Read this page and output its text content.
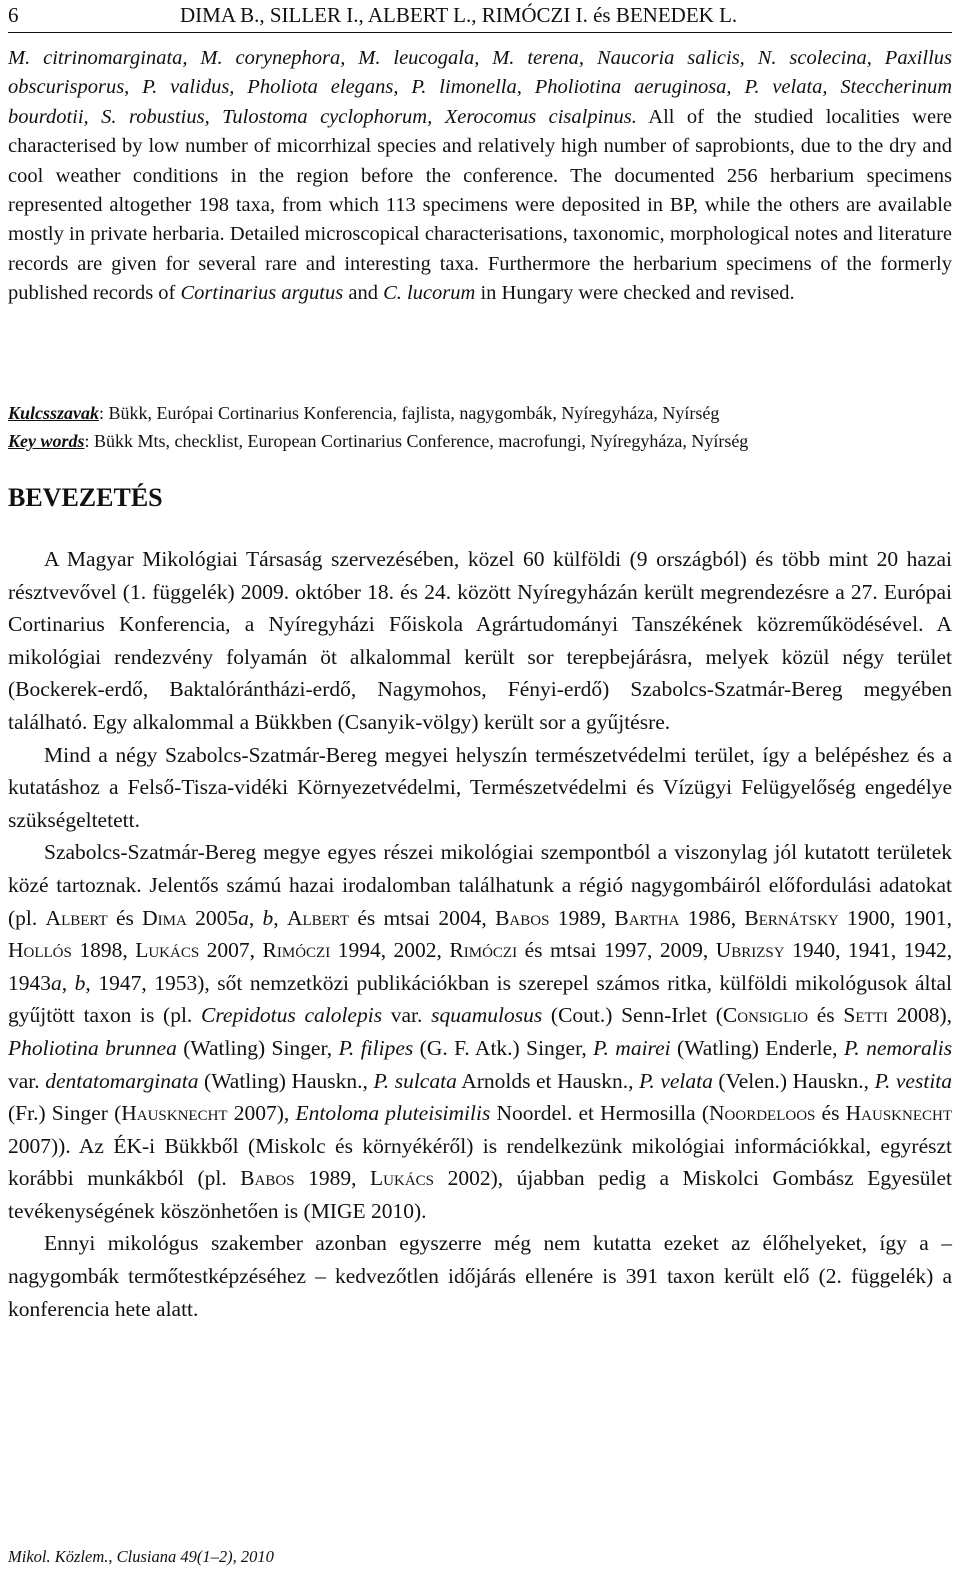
6	DIMA B., SILLER I., ALBERT L., RIMÓCZI I. és BENEDEK L.
M. citrinomarginata, M. corynephora, M. leucogala, M. terena, Naucoria salicis, N. scolecina, Paxillus obscurisporus, P. validus, Pholiota elegans, P. limonella, Pholiotina aeruginosa, P. velata, Steccherinum bourdotii, S. robustius, Tulostoma cyclophorum, Xerocomus cisalpinus. All of the studied localities were characterised by low number of micorrhizal species and relatively high number of saprobionts, due to the dry and cool weather conditions in the region before the conference. The documented 256 herbarium specimens represented altogether 198 taxa, from which 113 specimens were deposited in BP, while the others are available mostly in private herbaria. Detailed microscopical characterisations, taxonomic, morphological notes and literature records are given for several rare and interesting taxa. Furthermore the herbarium specimens of the formerly published records of Cortinarius argutus and C. lucorum in Hungary were checked and revised.
Kulcsszavak: Bükk, Európai Cortinarius Konferencia, fajlista, nagygombák, Nyíregyháza, Nyírség
Key words: Bükk Mts, checklist, European Cortinarius Conference, macrofungi, Nyíregyháza, Nyírség
BEVEZETÉS

A Magyar Mikológiai Társaság szervezésében, közel 60 külföldi (9 országból) és több mint 20 hazai résztvevővel (1. függelék) 2009. október 18. és 24. között Nyíregyházán került megrendezésre a 27. Európai Cortinarius Konferencia, a Nyíregyházi Főiskola Agrártudományi Tanszékének közreműködésével. A mikológiai rendezvény folyamán öt alkalommal került sor terepbejárásra, melyek közül négy terület (Bockerek-erdő, Baktalórántházi-erdő, Nagymohos, Fényi-erdő) Szabolcs-Szatmár-Bereg megyében található. Egy alkalommal a Bükkben (Csanyik-völgy) került sor a gyűjtésre.

Mind a négy Szabolcs-Szatmár-Bereg megyei helyszín természetvédelmi terület, így a belépéshez és a kutatáshoz a Felső-Tisza-vidéki Környezetvédelmi, Természetvédelmi és Vízügyi Felügyelőség engedélye szükségeltetett.

Szabolcs-Szatmár-Bereg megye egyes részei mikológiai szempontból a viszonylag jól kutatott területek közé tartoznak. Jelentős számú hazai irodalomban találhatunk a régió nagygombáiról előfordulási adatokat (pl. Albert és Dima 2005a, b, Albert és mtsai 2004, Babos 1989, Bartha 1986, Bernátsky 1900, 1901, Hollós 1898, Lukács 2007, Rimóczi 1994, 2002, Rimóczi és mtsai 1997, 2009, Ubrizsy 1940, 1941, 1942, 1943a, b, 1947, 1953), sőt nemzetközi publikációkban is szerepel számos ritka, külföldi mikológusok által gyűjtött taxon is (pl. Crepidotus calolepis var. squamulosus (Cout.) Senn-Irlet (Consiglio és Setti 2008), Pholiotina brunnea (Watling) Singer, P. filipes (G. F. Atk.) Singer, P. mairei (Watling) Enderle, P. nemoralis var. dentatomarginata (Watling) Hauskn., P. sulcata Arnolds et Hauskn., P. velata (Velen.) Hauskn., P. vestita (Fr.) Singer (Hausknecht 2007), Entoloma pluteisimilis Noordel. et Hermosilla (Noordeloos és Hausknecht 2007)). Az ÉK-i Bükkből (Miskolc és környékéről) is rendelkezünk mikológiai információkkal, egyrészt korábbi munkákból (pl. Babos 1989, Lukács 2002), újabban pedig a Miskolci Gombász Egyesület tevékenységének köszönhetően is (MIGE 2010).

Ennyi mikológus szakember azonban egyszerre még nem kutatta ezeket az élőhelyeket, így a – nagygombák termőtestképzéséhez – kedvezőtlen időjárás ellenére is 391 taxon került elő (2. függelék) a konferencia hete alatt.

Mikol. Közlem., Clusiana 49(1–2), 2010
